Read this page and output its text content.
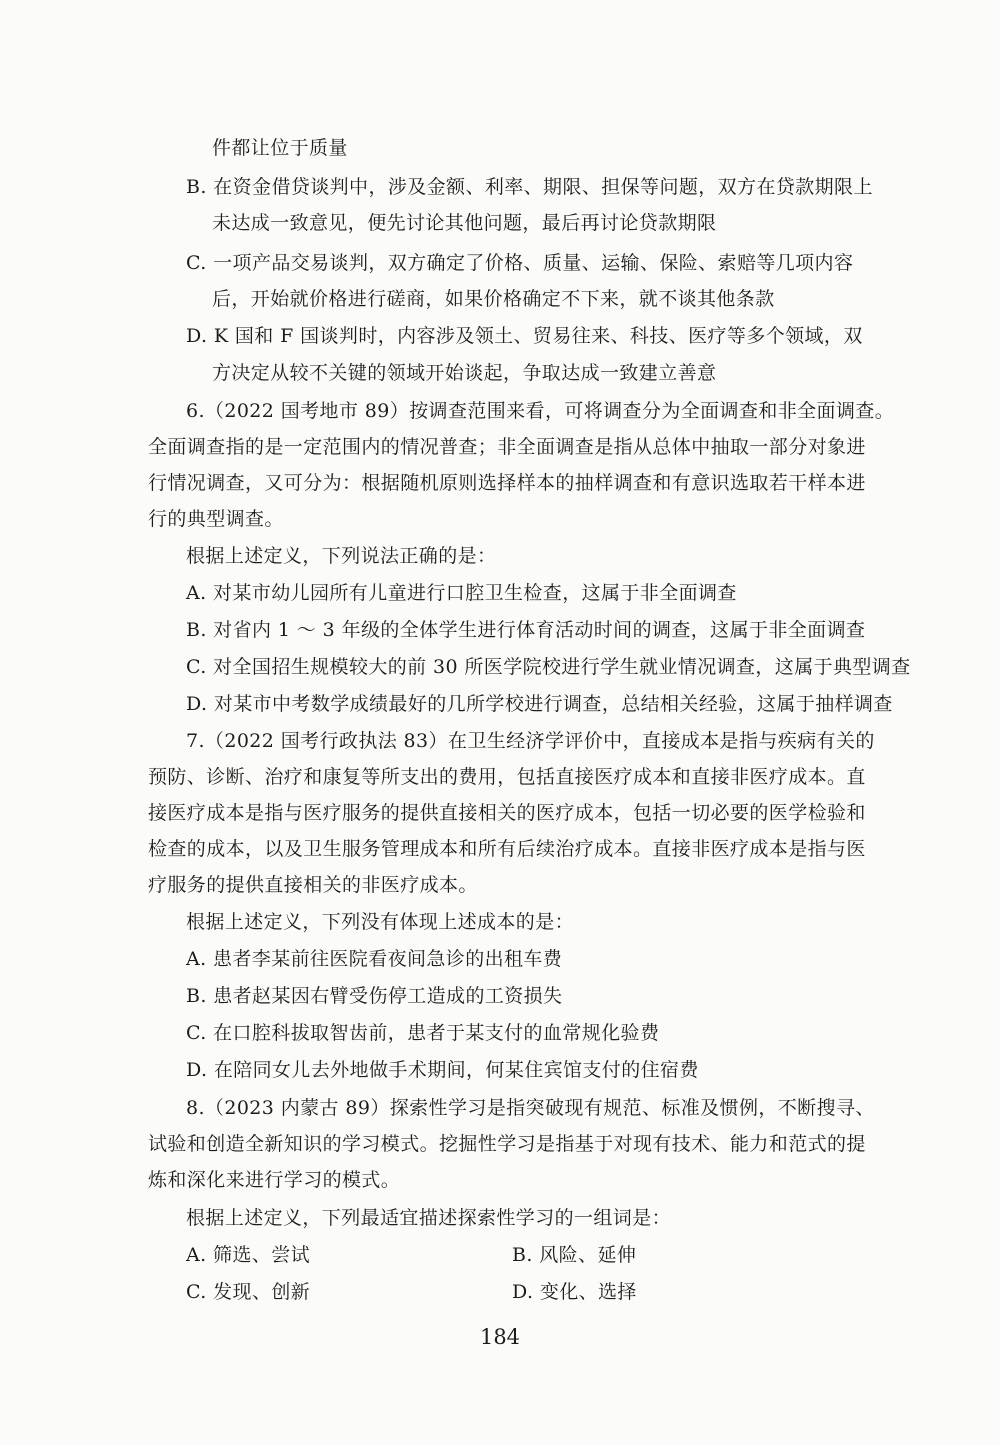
件都让位于质量
B. 在资金借贷谈判中，涉及金额、利率、期限、担保等问题，双方在贷款期限上
未达成一致意见，便先讨论其他问题，最后再讨论贷款期限
C. 一项产品交易谈判，双方确定了价格、质量、运输、保险、索赔等几项内容
后，开始就价格进行磋商，如果价格确定不下来，就不谈其他条款
D. K 国和 F 国谈判时，内容涉及领土、贸易往来、科技、医疗等多个领域，双
方决定从较不关键的领域开始谈起，争取达成一致建立善意
6.（2022 国考地市 89）按调查范围来看，可将调查分为全面调查和非全面调查。
全面调查指的是一定范围内的情况普查；非全面调查是指从总体中抽取一部分对象进
行情况调查，又可分为：根据随机原则选择样本的抽样调查和有意识选取若干样本进
行的典型调查。
根据上述定义，下列说法正确的是：
A. 对某市幼儿园所有儿童进行口腔卫生检查，这属于非全面调查
B. 对省内 1 ～ 3 年级的全体学生进行体育活动时间的调查，这属于非全面调查
C. 对全国招生规模较大的前 30 所医学院校进行学生就业情况调查，这属于典型调查
D. 对某市中考数学成绩最好的几所学校进行调查，总结相关经验，这属于抽样调查
7.（2022 国考行政执法 83）在卫生经济学评价中，直接成本是指与疾病有关的
预防、诊断、治疗和康复等所支出的费用，包括直接医疗成本和直接非医疗成本。直
接医疗成本是指与医疗服务的提供直接相关的医疗成本，包括一切必要的医学检验和
检查的成本，以及卫生服务管理成本和所有后续治疗成本。直接非医疗成本是指与医
疗服务的提供直接相关的非医疗成本。
根据上述定义，下列没有体现上述成本的是：
A. 患者李某前往医院看夜间急诊的出租车费
B. 患者赵某因右臂受伤停工造成的工资损失
C. 在口腔科拔取智齿前，患者于某支付的血常规化验费
D. 在陪同女儿去外地做手术期间，何某住宾馆支付的住宿费
8.（2023 内蒙古 89）探索性学习是指突破现有规范、标准及惯例，不断搜寻、
试验和创造全新知识的学习模式。挖掘性学习是指基于对现有技术、能力和范式的提
炼和深化来进行学习的模式。
根据上述定义，下列最适宜描述探索性学习的一组词是：
A. 筛选、尝试	B. 风险、延伸
C. 发现、创新	D. 变化、选择
184
